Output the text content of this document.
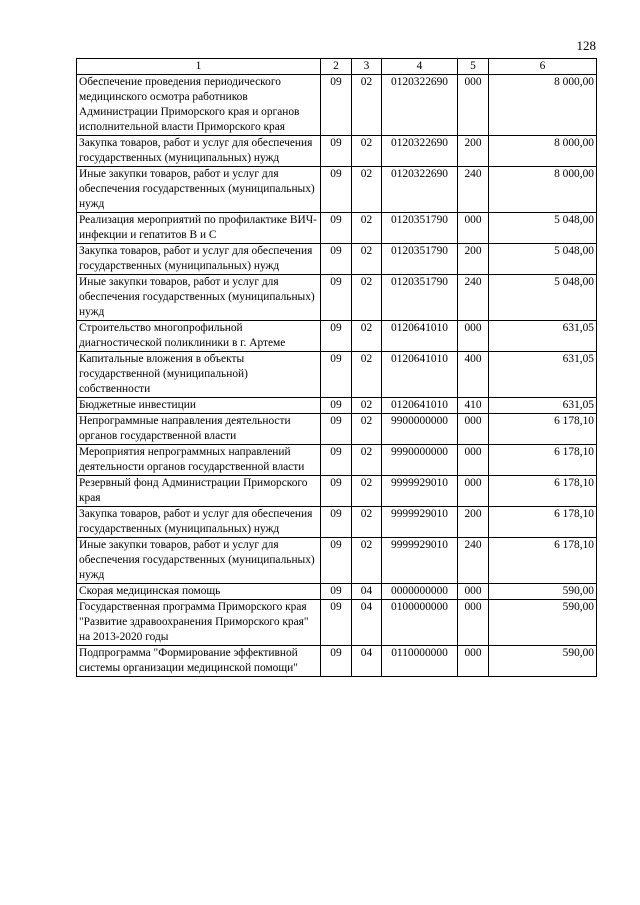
128
1	2	3	4	5	6
Обеспечение проведения периодического медицинского осмотра работников Администрации Приморского края и органов исполнительной власти Приморского края	09	02	0120322690	000	8 000,00
Закупка товаров, работ и услуг для обеспечения государственных (муниципальных) нужд	09	02	0120322690	200	8 000,00
Иные закупки товаров, работ и услуг для обеспечения государственных (муниципальных) нужд	09	02	0120322690	240	8 000,00
Реализация мероприятий по профилактике ВИЧ-инфекции и гепатитов В и С	09	02	0120351790	000	5 048,00
Закупка товаров, работ и услуг для обеспечения государственных (муниципальных) нужд	09	02	0120351790	200	5 048,00
Иные закупки товаров, работ и услуг для обеспечения государственных (муниципальных) нужд	09	02	0120351790	240	5 048,00
Строительство многопрофильной диагностической поликлиники в г. Артеме	09	02	0120641010	000	631,05
Капитальные вложения в объекты государственной (муниципальной) собственности	09	02	0120641010	400	631,05
Бюджетные инвестиции	09	02	0120641010	410	631,05
Непрограммные направления деятельности органов государственной власти	09	02	9900000000	000	6 178,10
Мероприятия непрограммных направлений деятельности органов государственной власти	09	02	9990000000	000	6 178,10
Резервный фонд Администрации Приморского края	09	02	9999929010	000	6 178,10
Закупка товаров, работ и услуг для обеспечения государственных (муниципальных) нужд	09	02	9999929010	200	6 178,10
Иные закупки товаров, работ и услуг для обеспечения государственных (муниципальных) нужд	09	02	9999929010	240	6 178,10
Скорая медицинская помощь	09	04	0000000000	000	590,00
Государственная программа Приморского края "Развитие здравоохранения Приморского края" на 2013-2020 годы	09	04	0100000000	000	590,00
Подпрограмма "Формирование эффективной системы организации медицинской помощи"	09	04	0110000000	000	590,00
